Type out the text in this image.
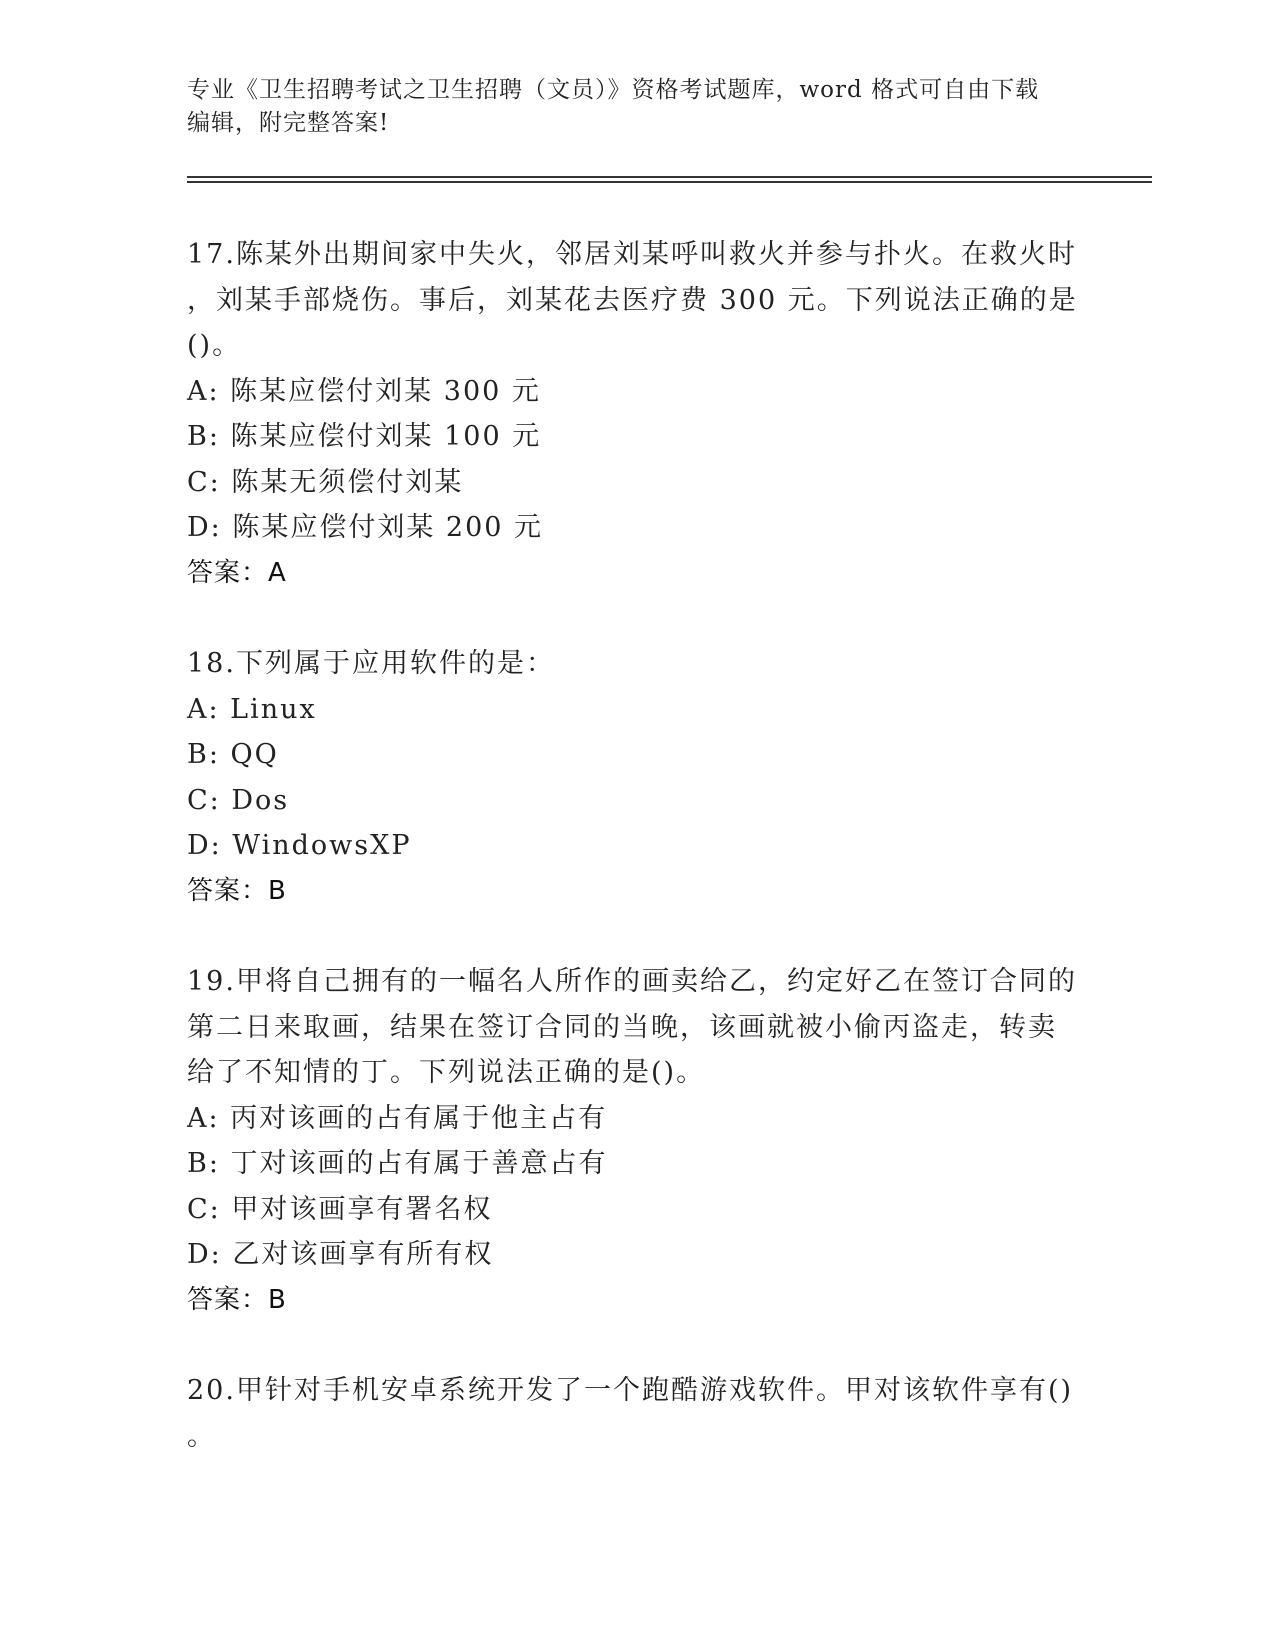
专业《卫生招聘考试之卫生招聘（文员）》资格考试题库，word 格式可自由下载

编辑，附完整答案!

17.陈某外出期间家中失火，邻居刘某呼叫救火并参与扑火。在救火时
，刘某手部烧伤。事后，刘某花去医疗费 300 元。下列说法正确的是
()。
A: 陈某应偿付刘某 300 元
B: 陈某应偿付刘某 100 元
C: 陈某无须偿付刘某
D: 陈某应偿付刘某 200 元
答案：A
18.下列属于应用软件的是：
A: Linux
B: QQ
C: Dos
D: WindowsXP
答案：B
19.甲将自己拥有的一幅名人所作的画卖给乙，约定好乙在签订合同的
第二日来取画，结果在签订合同的当晚，该画就被小偷丙盗走，转卖
给了不知情的丁。下列说法正确的是()。
A: 丙对该画的占有属于他主占有
B: 丁对该画的占有属于善意占有
C: 甲对该画享有署名权
D: 乙对该画享有所有权
答案：B
20.甲针对手机安卓系统开发了一个跑酷游戏软件。甲对该软件享有()
。
